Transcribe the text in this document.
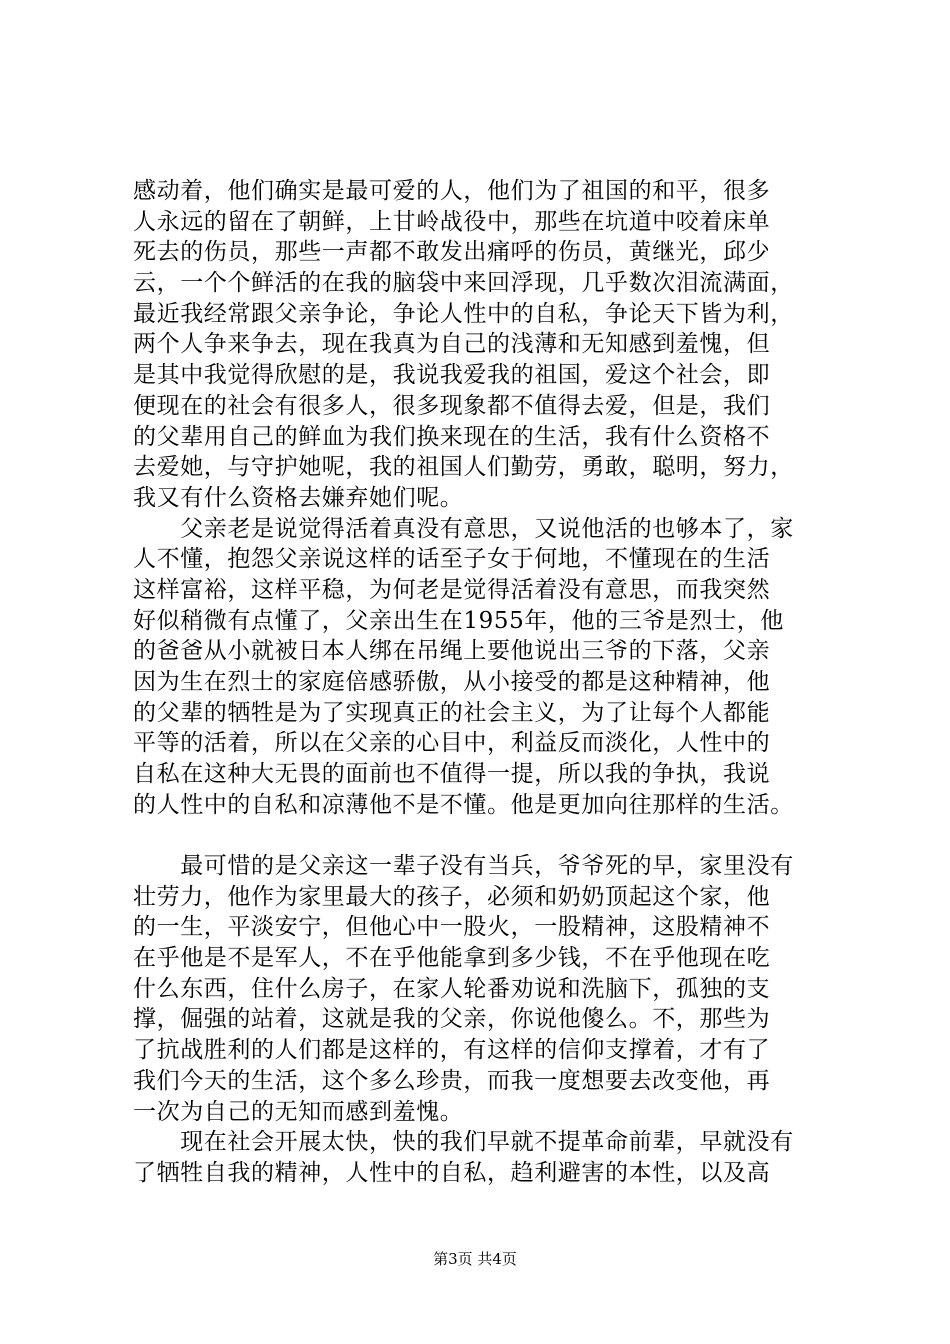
感动着，他们确实是最可爱的人，他们为了祖国的和平，很多
人永远的留在了朝鲜，上甘岭战役中，那些在坑道中咬着床单
死去的伤员，那些一声都不敢发出痛呼的伤员，黄继光，邱少
云，一个个鲜活的在我的脑袋中来回浮现，几乎数次泪流满面，
最近我经常跟父亲争论，争论人性中的自私，争论天下皆为利，
两个人争来争去，现在我真为自己的浅薄和无知感到羞愧，但
是其中我觉得欣慰的是，我说我爱我的祖国，爱这个社会，即
便现在的社会有很多人，很多现象都不值得去爱，但是，我们
的父辈用自己的鲜血为我们换来现在的生活，我有什么资格不
去爱她，与守护她呢，我的祖国人们勤劳，勇敢，聪明，努力，
我又有什么资格去嫌弃她们呢。
　　父亲老是说觉得活着真没有意思，又说他活的也够本了，家
人不懂，抱怨父亲说这样的话至子女于何地，不懂现在的生活
这样富裕，这样平稳，为何老是觉得活着没有意思，而我突然
好似稍微有点懂了，父亲出生在1955年，他的三爷是烈士，他
的爸爸从小就被日本人绑在吊绳上要他说出三爷的下落，父亲
因为生在烈士的家庭倍感骄傲，从小接受的都是这种精神，他
的父辈的牺牲是为了实现真正的社会主义，为了让每个人都能
平等的活着，所以在父亲的心目中，利益反而淡化，人性中的
自私在这种大无畏的面前也不值得一提，所以我的争执，我说
的人性中的自私和凉薄他不是不懂。他是更加向往那样的生活。
　　最可惜的是父亲这一辈子没有当兵，爷爷死的早，家里没有
壮劳力，他作为家里最大的孩子，必须和奶奶顶起这个家，他
的一生，平淡安宁，但他心中一股火，一股精神，这股精神不
在乎他是不是军人，不在乎他能拿到多少钱，不在乎他现在吃
什么东西，住什么房子，在家人轮番劝说和洗脑下，孤独的支
撑，倔强的站着，这就是我的父亲，你说他傻么。不，那些为
了抗战胜利的人们都是这样的，有这样的信仰支撑着，才有了
我们今天的生活，这个多么珍贵，而我一度想要去改变他，再
一次为自己的无知而感到羞愧。
　　现在社会开展太快，快的我们早就不提革命前辈，早就没有
了牺牲自我的精神，人性中的自私，趋利避害的本性，以及高
第3页 共4页
